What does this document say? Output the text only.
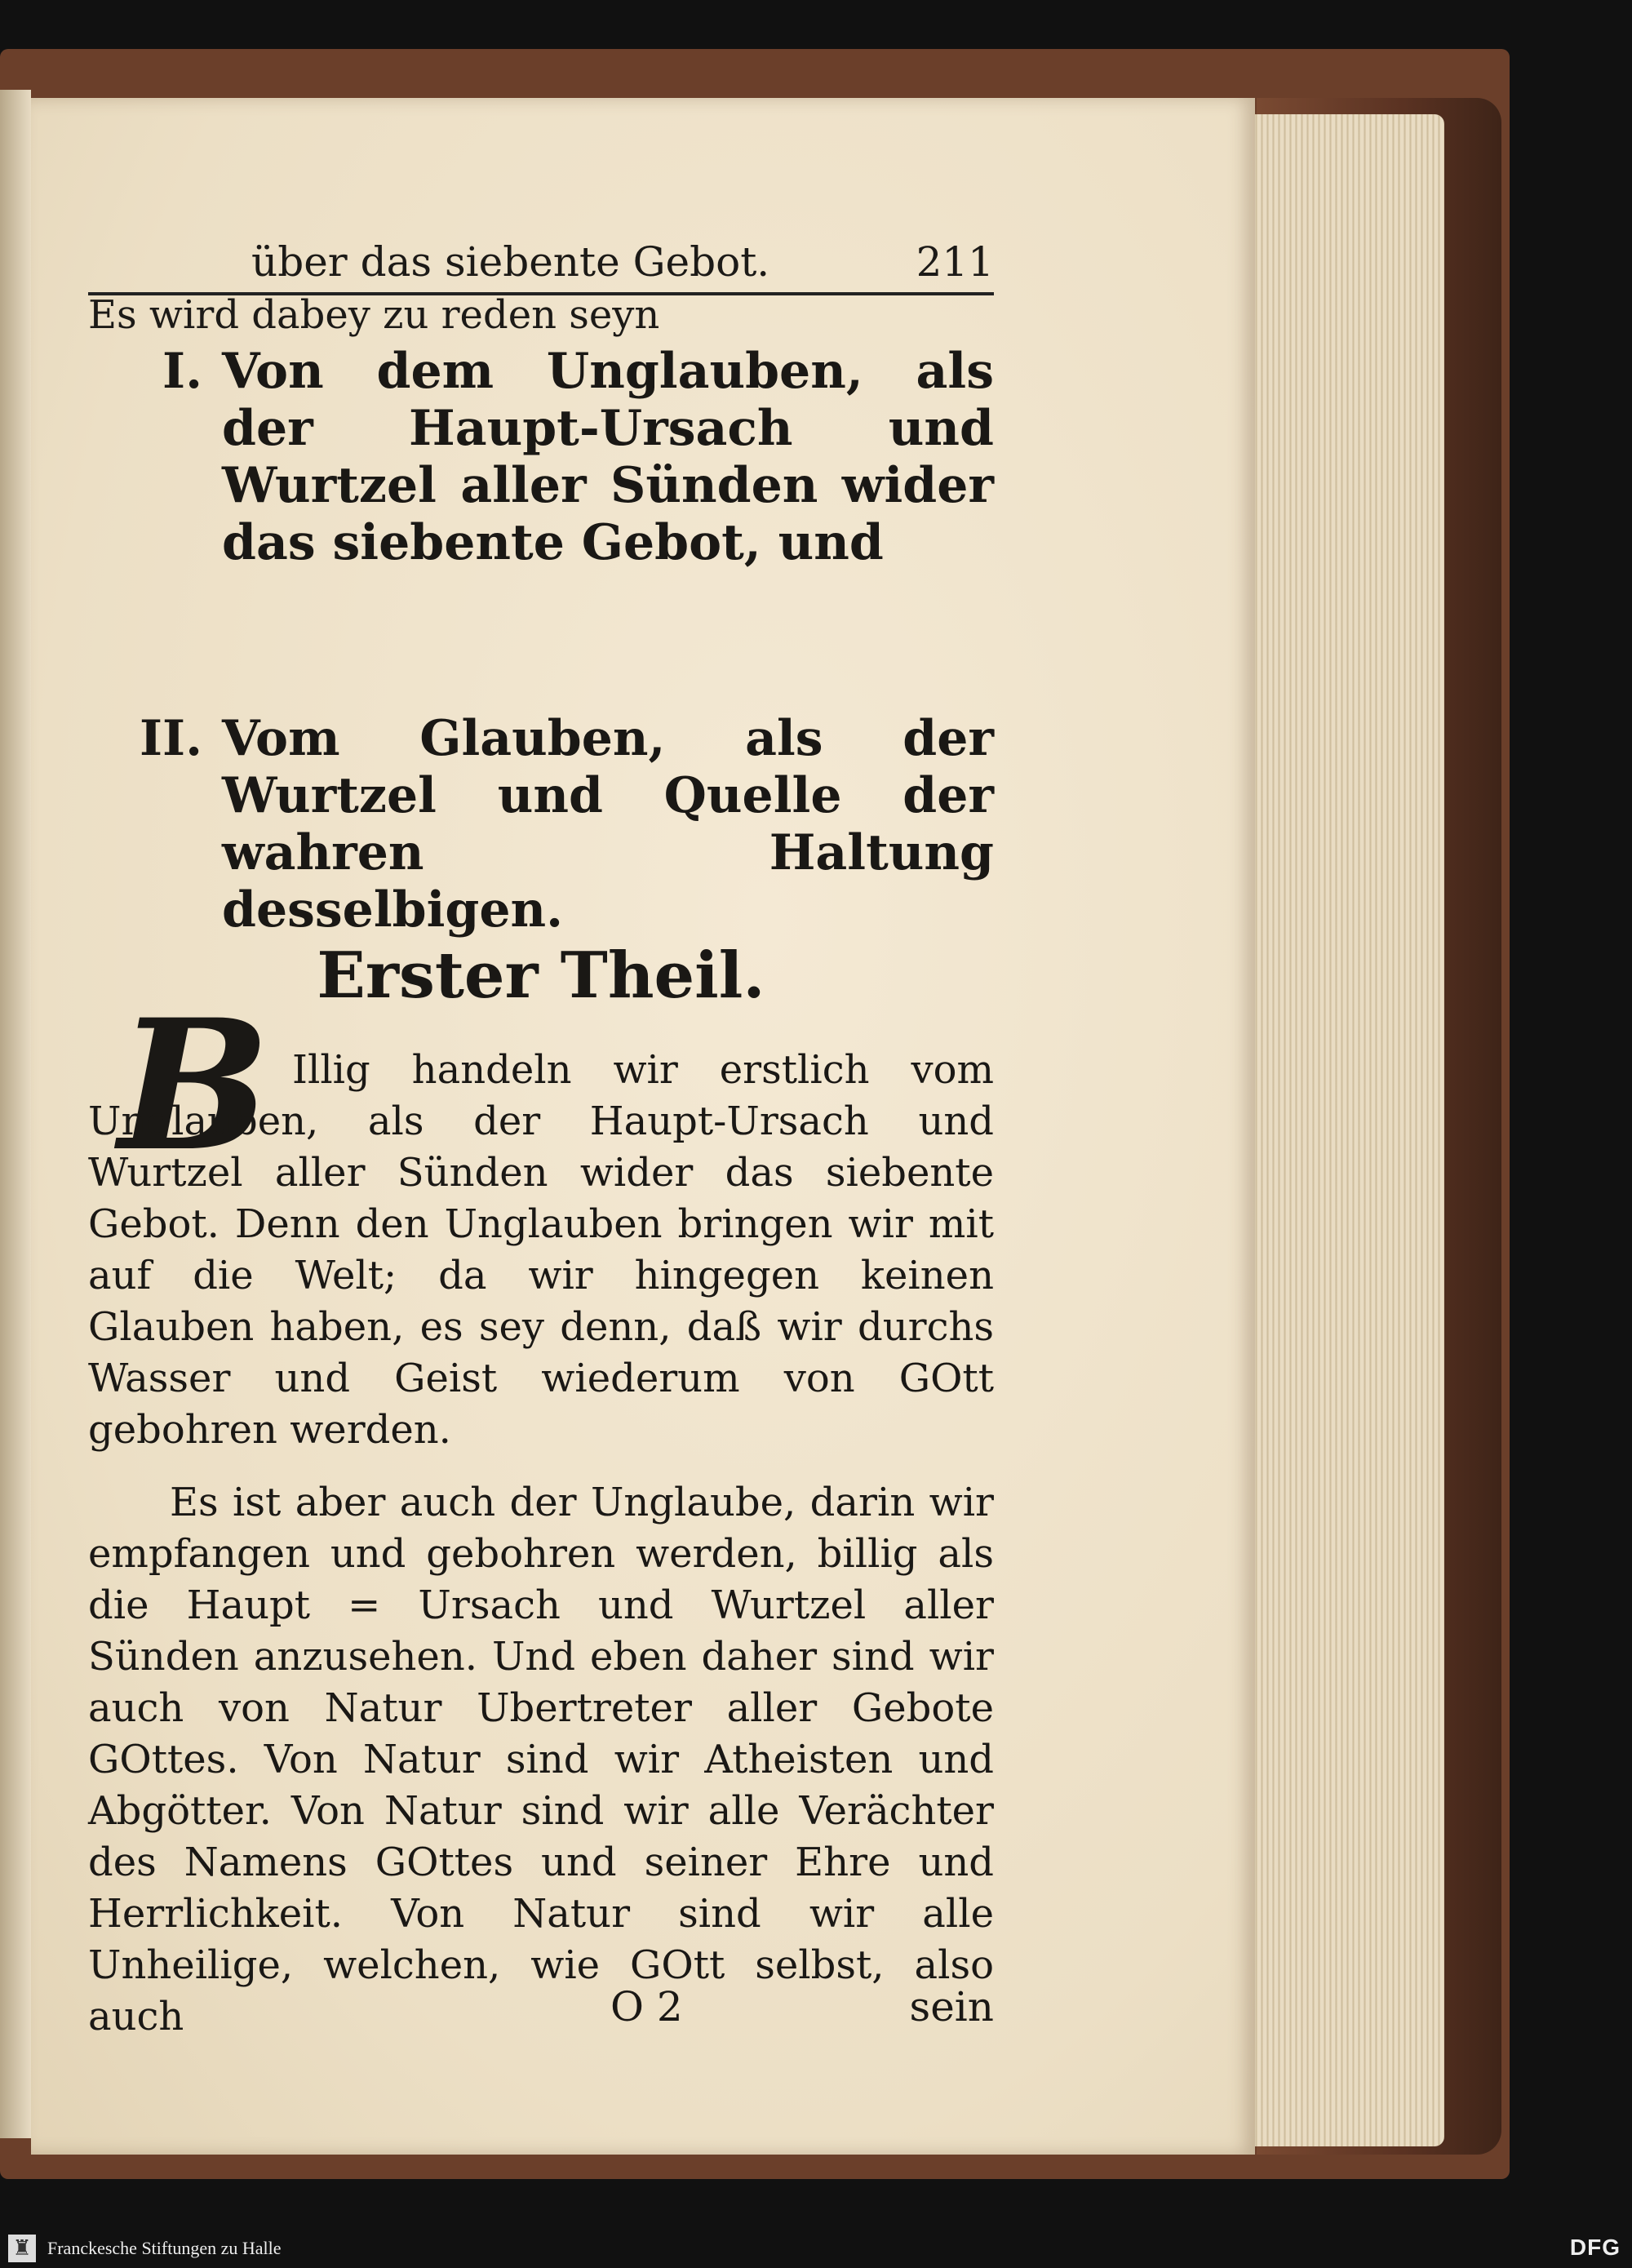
über das siebente Gebot.	211
Es wird dabey zu reden seyn
I. Von dem Unglauben, als der Haupt-Ursach und Wurtzel aller Sünden wider das siebente Gebot, und
II. Vom Glauben, als der Wurtzel und Quelle der wahren Haltung desselbigen.
Erster Theil.
B Illig handeln wir erstlich vom Unglauben, als der Haupt-Ursach und Wurtzel aller Sünden wider das siebente Gebot. Denn den Unglauben bringen wir mit auf die Welt; da wir hingegen keinen Glauben haben, es sey denn, daß wir durchs Wasser und Geist wiederum von GOtt gebohren werden.
Es ist aber auch der Unglaube, darin wir empfangen und gebohren werden, billig als die Haupt = Ursach und Wurtzel aller Sünden anzusehen. Und eben daher sind wir auch von Natur Ubertreter aller Gebote GOttes. Von Natur sind wir Atheisten und Abgötter. Von Natur sind wir alle Verächter des Namens GOttes und seiner Ehre und Herrlichkeit. Von Natur sind wir alle Unheilige, welchen, wie GOtt selbst, also auch	O 2	sein
♜ Franckesche Stiftungen zu Halle	DFG
